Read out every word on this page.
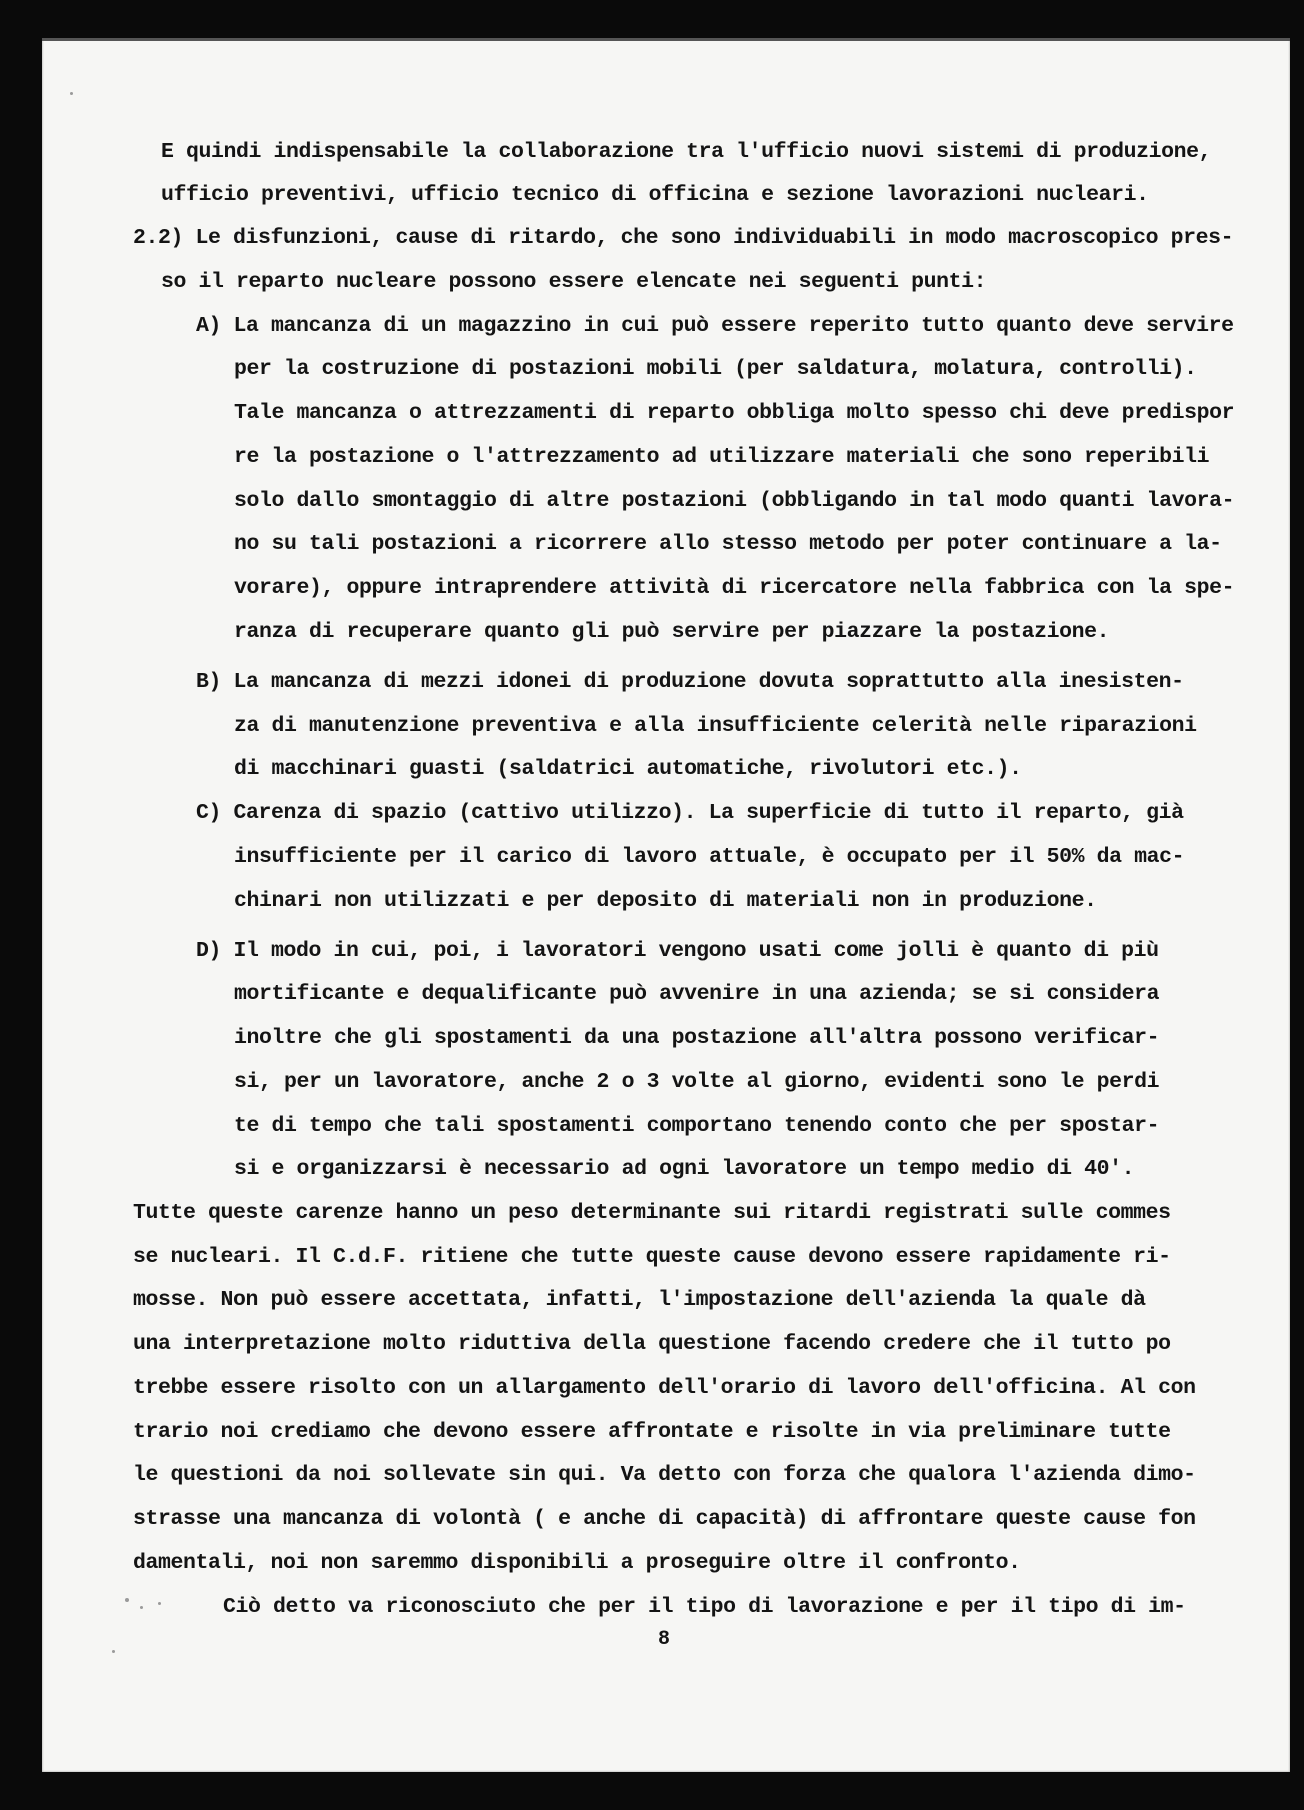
E quindi indispensabile la collaborazione tra l'ufficio nuovi sistemi di produzione,
ufficio preventivi, ufficio tecnico di officina e sezione lavorazioni nucleari.
2.2) Le disfunzioni, cause di ritardo, che sono individuabili in modo macroscopico pres-
so il reparto nucleare possono essere elencate nei seguenti punti:
A) La mancanza di un magazzino in cui può essere reperito tutto quanto deve servire
per la costruzione di postazioni mobili (per saldatura, molatura, controlli).
Tale mancanza o attrezzamenti di reparto obbliga molto spesso chi deve predispor
re la postazione o l'attrezzamento ad utilizzare materiali che sono reperibili
solo dallo smontaggio di altre postazioni (obbligando in tal modo quanti lavora-
no su tali postazioni a ricorrere allo stesso metodo per poter continuare a la-
vorare), oppure intraprendere attività di ricercatore nella fabbrica con la spe-
ranza di recuperare quanto gli può servire per piazzare la postazione.
B) La mancanza di mezzi idonei di produzione dovuta soprattutto alla inesisten-
za di manutenzione preventiva e alla insufficiente celerità nelle riparazioni
di macchinari guasti (saldatrici automatiche, rivolutori etc.).
C) Carenza di spazio (cattivo utilizzo). La superficie di tutto il reparto, già
insufficiente per il carico di lavoro attuale, è occupato per il 50% da mac-
chinari non utilizzati e per deposito di materiali non in produzione.
D) Il modo in cui, poi, i lavoratori vengono usati come jolli è quanto di più
mortificante e dequalificante può avvenire in una azienda; se si considera
inoltre che gli spostamenti da una postazione all'altra possono verificar-
si, per un lavoratore, anche 2 o 3 volte al giorno, evidenti sono le perdi
te di tempo che tali spostamenti comportano tenendo conto che per spostar-
si e organizzarsi è necessario ad ogni lavoratore un tempo medio di 40'.
Tutte queste carenze hanno un peso determinante sui ritardi registrati sulle commes
se nucleari. Il C.d.F. ritiene che tutte queste cause devono essere rapidamente ri-
mosse. Non può essere accettata, infatti, l'impostazione dell'azienda la quale dà
una interpretazione molto riduttiva della questione facendo credere che il tutto po
trebbe essere risolto con un allargamento dell'orario di lavoro dell'officina. Al con
trario noi crediamo che devono essere affrontate e risolte in via preliminare tutte
le questioni da noi sollevate sin qui. Va detto con forza che qualora l'azienda dimo-
strasse una mancanza di volontà ( e anche di capacità) di affrontare queste cause fon
damentali, noi non saremmo disponibili a proseguire oltre il confronto.
Ciò detto va riconosciuto che per il tipo di lavorazione e per il tipo di im-
8
